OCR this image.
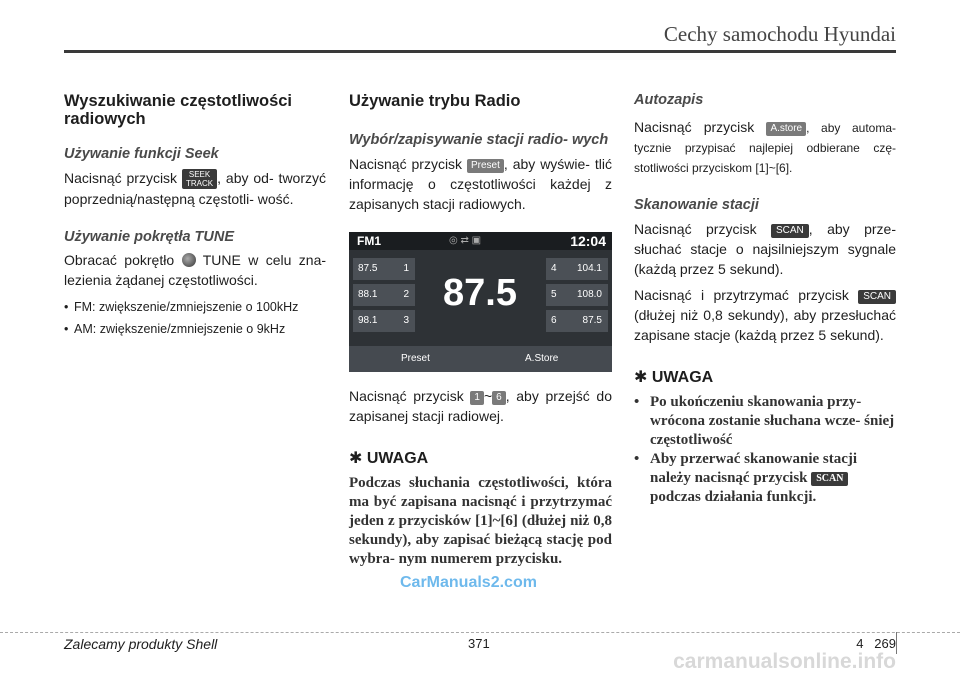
Cechy samochodu Hyundai
Wyszukiwanie częstotliwości radiowych
Używanie funkcji Seek

Nacisnąć przycisk SEEK
TRACK , aby od- tworzyć poprzednią/następną częstotli- wość.

Używanie pokrętła TUNE

Obracać pokrętło TUNE w celu zna- lezienia żądanej częstotliwości.

• FM: zwiększenie/zmniejszenie o 100kHz
• AM: zwiększenie/zmniejszenie o 9kHz
Używanie trybu Radio
Wybór/zapisywanie stacji radio- wych

Nacisnąć przycisk Preset , aby wyświe- tlić informację o częstotliwości każdej z zapisanych stacji radiowych.

FM1	◎ ⇄ ▣	12:04
87.5	1
88.1	2
98.1	3
4 104.1
5 108.0
6	87.5
87.5
Preset	A.Store

Nacisnąć przycisk 1 ~ 6 , aby przejść do zapisanej stacji radiowej.

✱ UWAGA
Podczas słuchania częstotliwości, która ma być zapisana nacisnąć i przytrzymać jeden z przycisków [1]~[6] (dłużej niż 0,8 sekundy), aby zapisać bieżącą stację pod wybra- nym numerem przycisku.
Autozapis

Nacisnąć przycisk A.store , aby automa- tycznie przypisać najlepiej odbierane czę- stotliwości przyciskom [1]~[6].

Skanowanie stacji

Nacisnąć przycisk SCAN , aby prze- słuchać stacje o najsilniejszym sygnale (każdą przez 5 sekund).

Nacisnąć i przytrzymać przycisk SCAN (dłużej niż 0,8 sekundy), aby przesłuchać zapisane stacje (każdą przez 5 sekund).

✱ UWAGA
• Po ukończeniu skanowania przy- wrócona zostanie słuchana wcze- śniej częstotliwość
• Aby przerwać skanowanie stacji należy nacisnąć przycisk SCAN podczas działania funkcji.
CarManuals2.com
Zalecamy produkty Shell	371	4 269
carmanualsonline.info
